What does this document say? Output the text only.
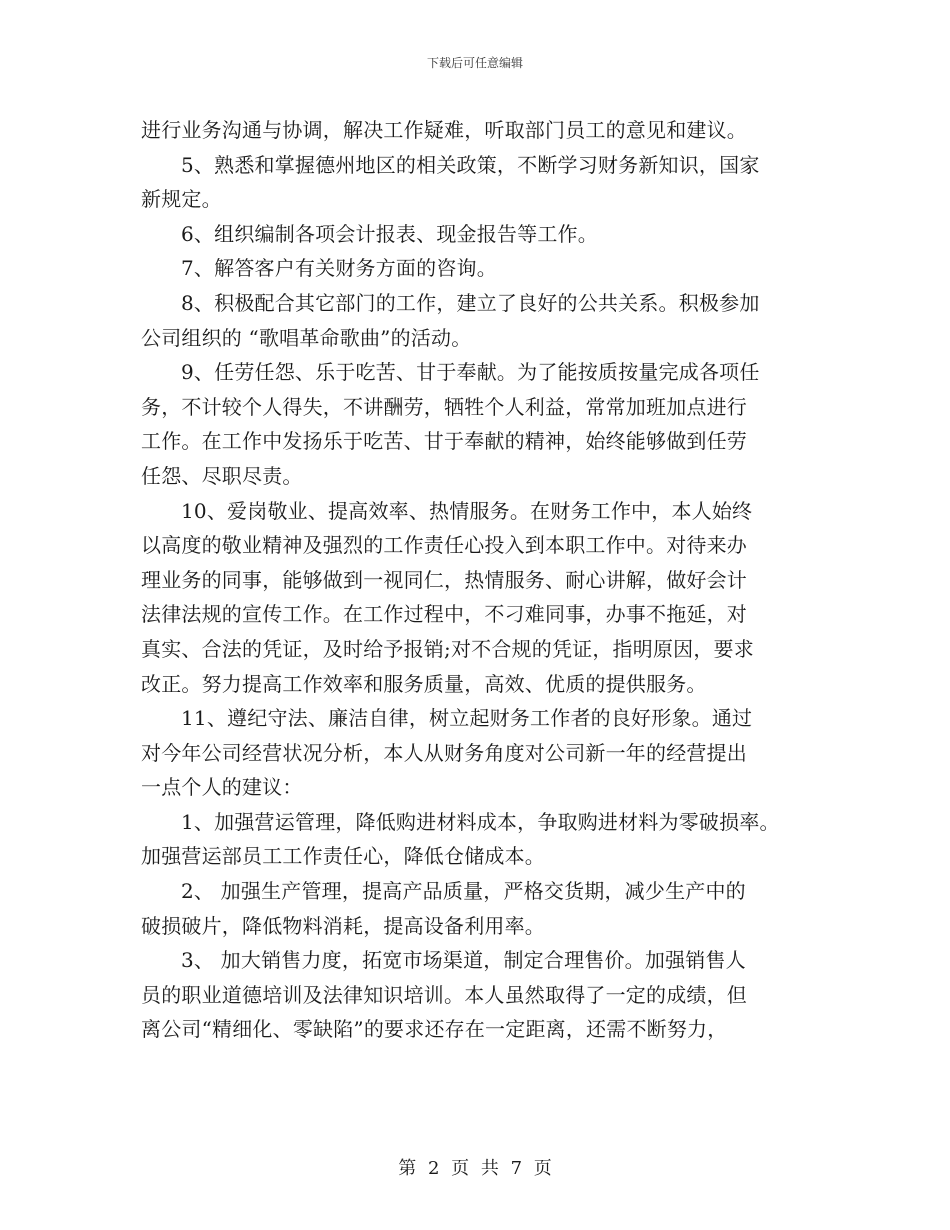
下载后可任意编辑
进行业务沟通与协调，解决工作疑难，听取部门员工的意见和建议。
5、熟悉和掌握德州地区的相关政策，不断学习财务新知识，国家
新规定。
6、组织编制各项会计报表、现金报告等工作。
7、解答客户有关财务方面的咨询。
8、积极配合其它部门的工作，建立了良好的公共关系。积极参加
公司组织的 “歌唱革命歌曲”的活动。
9、任劳任怨、乐于吃苦、甘于奉献。为了能按质按量完成各项任
务，不计较个人得失，不讲酬劳，牺牲个人利益，常常加班加点进行
工作。在工作中发扬乐于吃苦、甘于奉献的精神，始终能够做到任劳
任怨、尽职尽责。
10、爱岗敬业、提高效率、热情服务。在财务工作中，本人始终
以高度的敬业精神及强烈的工作责任心投入到本职工作中。对待来办
理业务的同事，能够做到一视同仁，热情服务、耐心讲解，做好会计
法律法规的宣传工作。在工作过程中，不刁难同事，办事不拖延，对
真实、合法的凭证，及时给予报销;对不合规的凭证，指明原因，要求
改正。努力提高工作效率和服务质量，高效、优质的提供服务。
11、遵纪守法、廉洁自律，树立起财务工作者的良好形象。通过
对今年公司经营状况分析，本人从财务角度对公司新一年的经营提出
一点个人的建议：
1、加强营运管理，降低购进材料成本，争取购进材料为零破损率。
加强营运部员工工作责任心，降低仓储成本。
2、 加强生产管理，提高产品质量，严格交货期，减少生产中的
破损破片，降低物料消耗，提高设备利用率。
3、 加大销售力度，拓宽市场渠道，制定合理售价。加强销售人
员的职业道德培训及法律知识培训。本人虽然取得了一定的成绩，但
离公司“精细化、零缺陷”的要求还存在一定距离，还需不断努力，
第 2 页 共 7 页
